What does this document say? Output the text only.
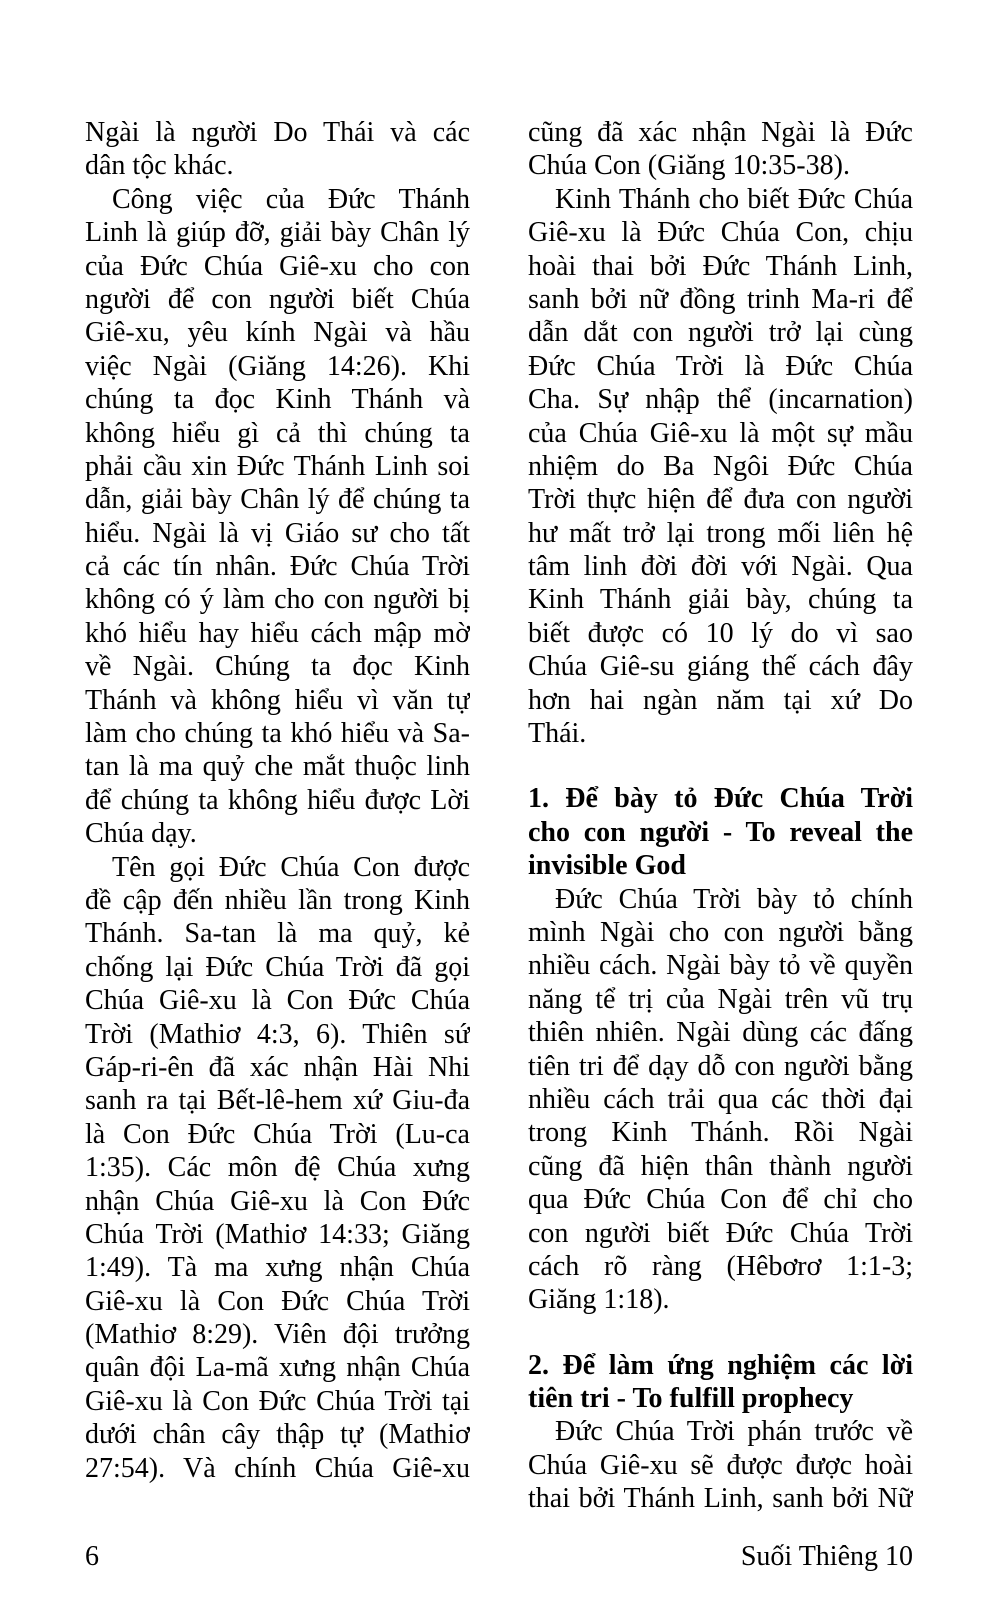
Ngài là người Do Thái và các
dân tộc khác.
Công việc của Đức Thánh
Linh là giúp đỡ, giải bày Chân lý
của Đức Chúa Giê-xu cho con
người để con người biết Chúa
Giê-xu, yêu kính Ngài và hầu
việc Ngài (Giăng 14:26). Khi
chúng ta đọc Kinh Thánh và
không hiểu gì cả thì chúng ta
phải cầu xin Đức Thánh Linh soi
dẫn, giải bày Chân lý để chúng ta
hiểu. Ngài là vị Giáo sư cho tất
cả các tín nhân. Đức Chúa Trời
không có ý làm cho con người bị
khó hiểu hay hiểu cách mập mờ
về Ngài. Chúng ta đọc Kinh
Thánh và không hiểu vì văn tự
làm cho chúng ta khó hiểu và Sa-
tan là ma quỷ che mắt thuộc linh
để chúng ta không hiểu được Lời
Chúa dạy.
Tên gọi Đức Chúa Con được
đề cập đến nhiều lần trong Kinh
Thánh. Sa-tan là ma quỷ, kẻ
chống lại Đức Chúa Trời đã gọi
Chúa Giê-xu là Con Đức Chúa
Trời (Mathiơ 4:3, 6). Thiên sứ
Gáp-ri-ên đã xác nhận Hài Nhi
sanh ra tại Bết-lê-hem xứ Giu-đa
là Con Đức Chúa Trời (Lu-ca
1:35). Các môn đệ Chúa xưng
nhận Chúa Giê-xu là Con Đức
Chúa Trời (Mathiơ 14:33; Giăng
1:49). Tà ma xưng nhận Chúa
Giê-xu là Con Đức Chúa Trời
(Mathiơ 8:29). Viên đội trưởng
quân đội La-mã xưng nhận Chúa
Giê-xu là Con Đức Chúa Trời tại
dưới chân cây thập tự (Mathiơ
27:54). Và chính Chúa Giê-xu
cũng đã xác nhận Ngài là Đức
Chúa Con (Giăng 10:35-38).
Kinh Thánh cho biết Đức Chúa
Giê-xu là Đức Chúa Con, chịu
hoài thai bởi Đức Thánh Linh,
sanh bởi nữ đồng trinh Ma-ri để
dẫn dắt con người trở lại cùng
Đức Chúa Trời là Đức Chúa
Cha. Sự nhập thể (incarnation)
của Chúa Giê-xu là một sự mầu
nhiệm do Ba Ngôi Đức Chúa
Trời thực hiện để đưa con người
hư mất trở lại trong mối liên hệ
tâm linh đời đời với Ngài. Qua
Kinh Thánh giải bày, chúng ta
biết được có 10 lý do vì sao
Chúa Giê-su giáng thế cách đây
hơn hai ngàn năm tại xứ Do
Thái.
1. Để bày tỏ Đức Chúa Trời
cho con người - To reveal the
invisible God
Đức Chúa Trời bày tỏ chính
mình Ngài cho con người bằng
nhiều cách. Ngài bày tỏ về quyền
năng tể trị của Ngài trên vũ trụ
thiên nhiên. Ngài dùng các đấng
tiên tri để dạy dỗ con người bằng
nhiều cách trải qua các thời đại
trong Kinh Thánh. Rồi Ngài
cũng đã hiện thân thành người
qua Đức Chúa Con để chỉ cho
con người biết Đức Chúa Trời
cách rõ ràng (Hêbơrơ 1:1-3;
Giăng 1:18).
2. Để làm ứng nghiệm các lời
tiên tri - To fulfill prophecy
Đức Chúa Trời phán trước về
Chúa Giê-xu sẽ được được hoài
thai bởi Thánh Linh, sanh bởi Nữ
6	Suối Thiêng 10
